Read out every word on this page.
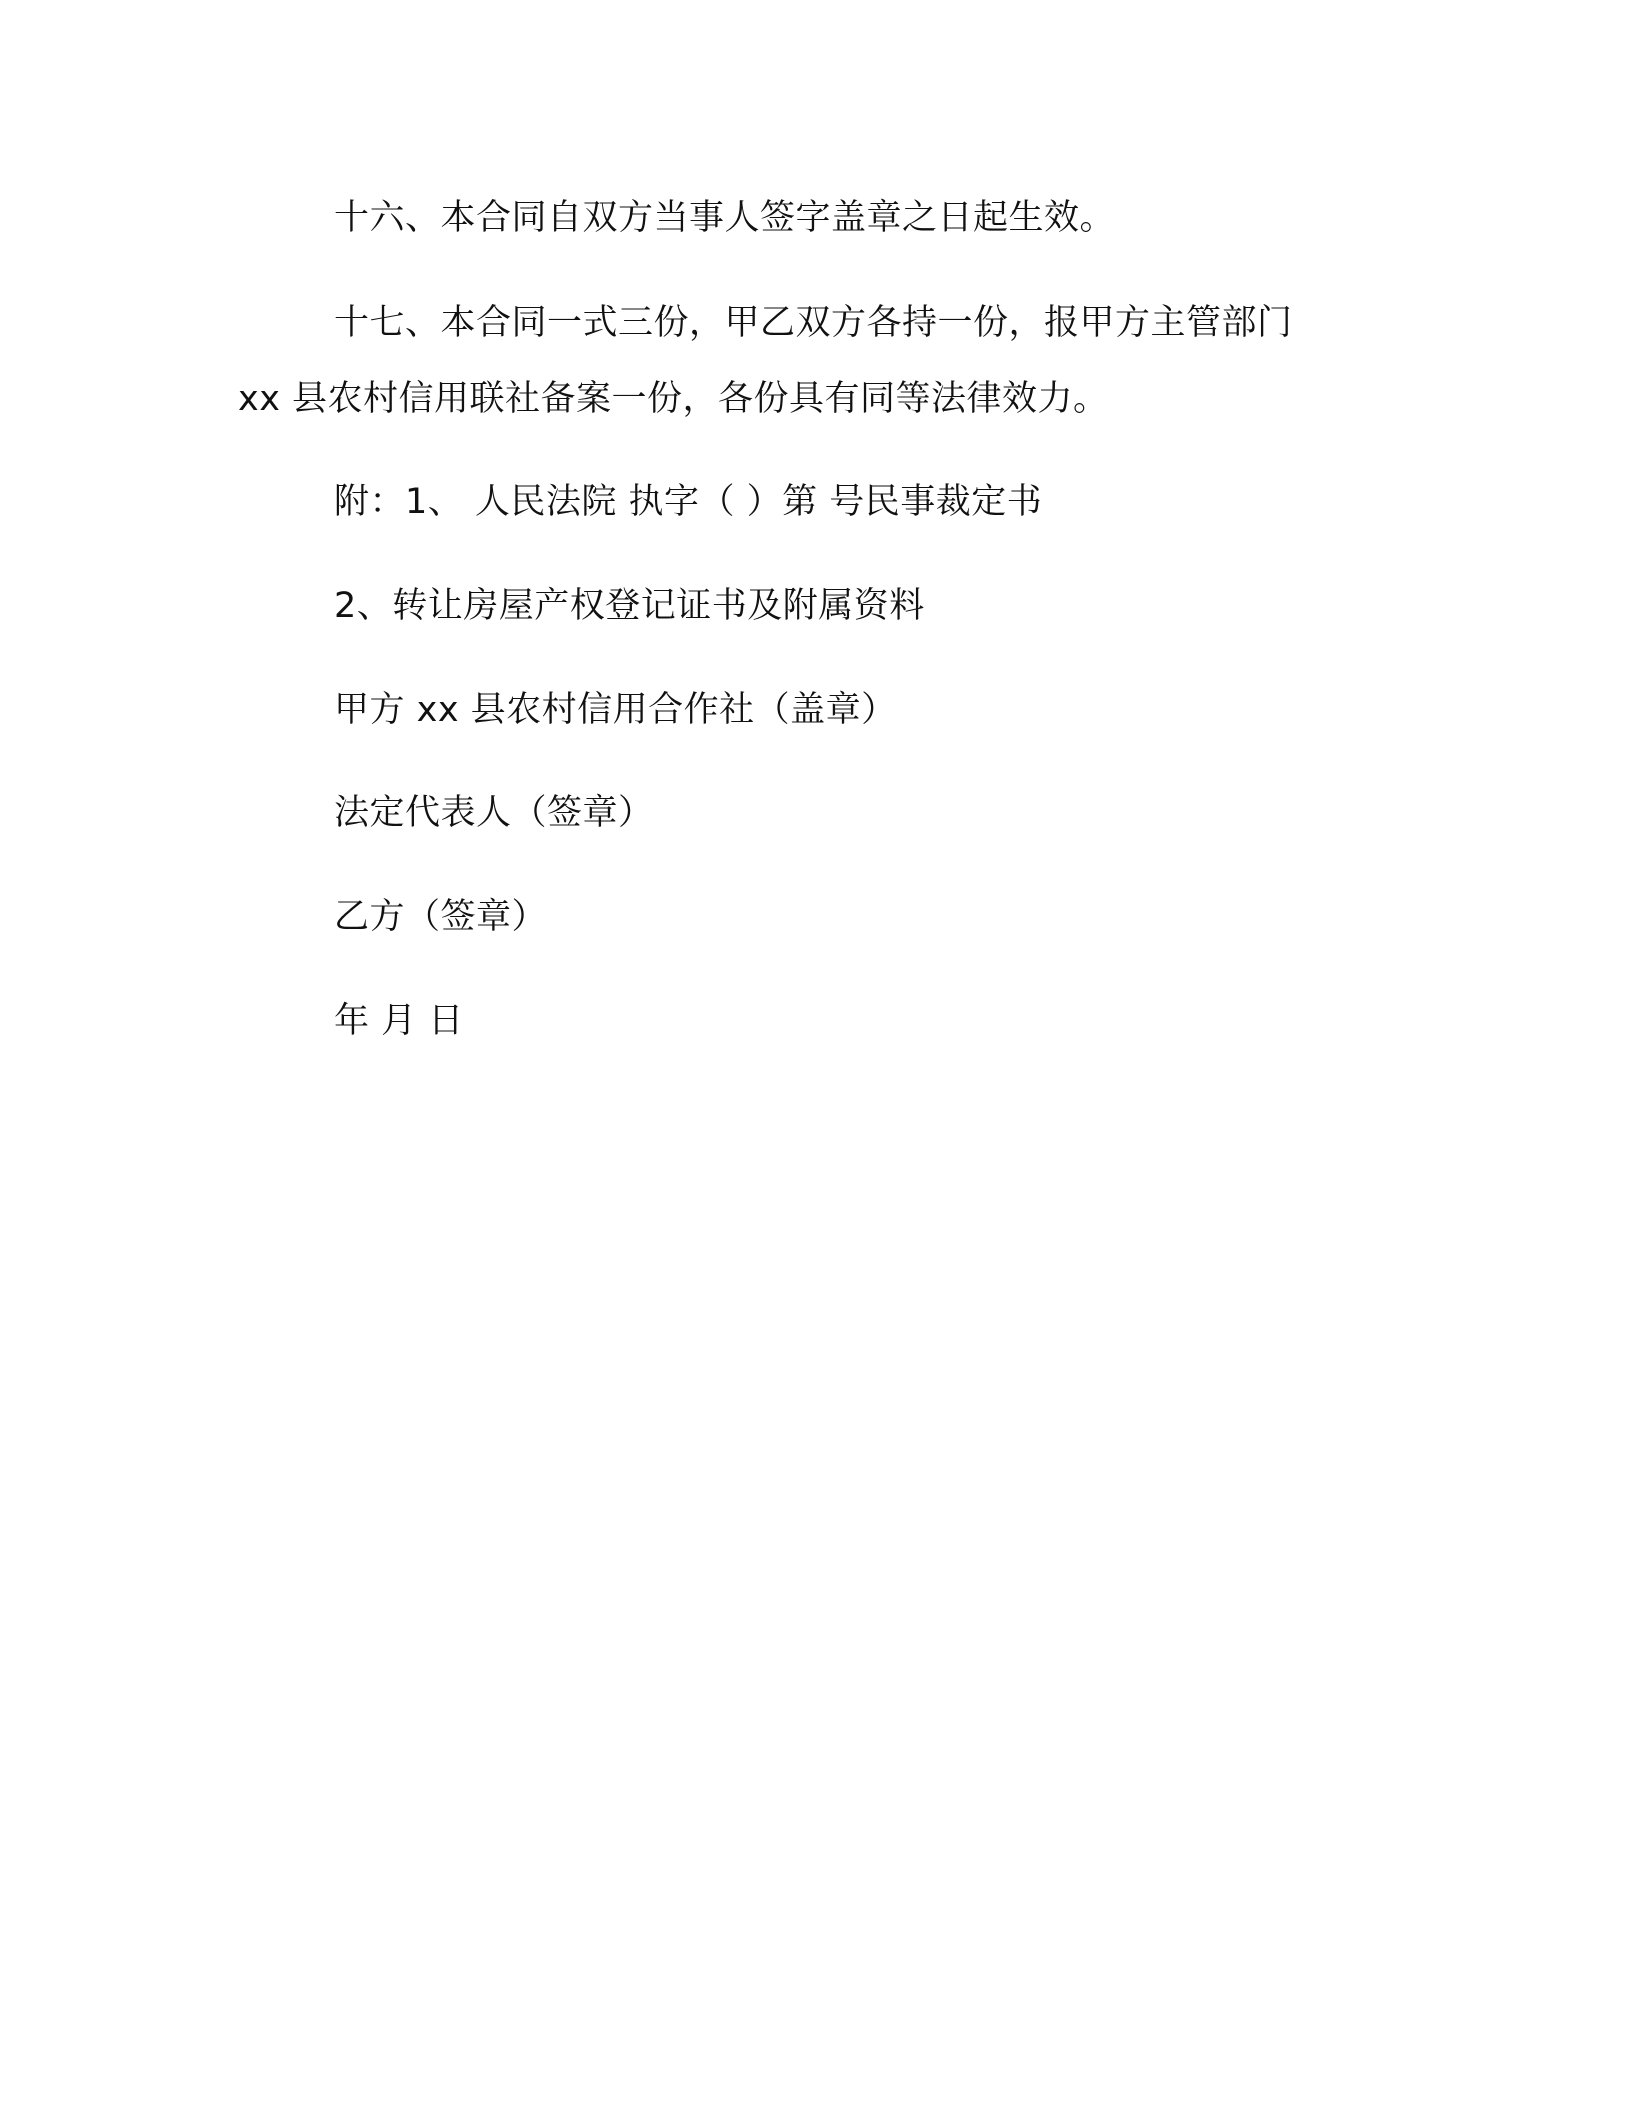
十六、本合同自双方当事人签字盖章之日起生效。
十七、本合同一式三份，甲乙双方各持一份，报甲方主管部门
xx 县农村信用联社备案一份，各份具有同等法律效力。
附：1、 人民法院 执字（ ）第 号民事裁定书
2、转让房屋产权登记证书及附属资料
甲方 xx 县农村信用合作社（盖章）
法定代表人（签章）
乙方（签章）
年 月 日
